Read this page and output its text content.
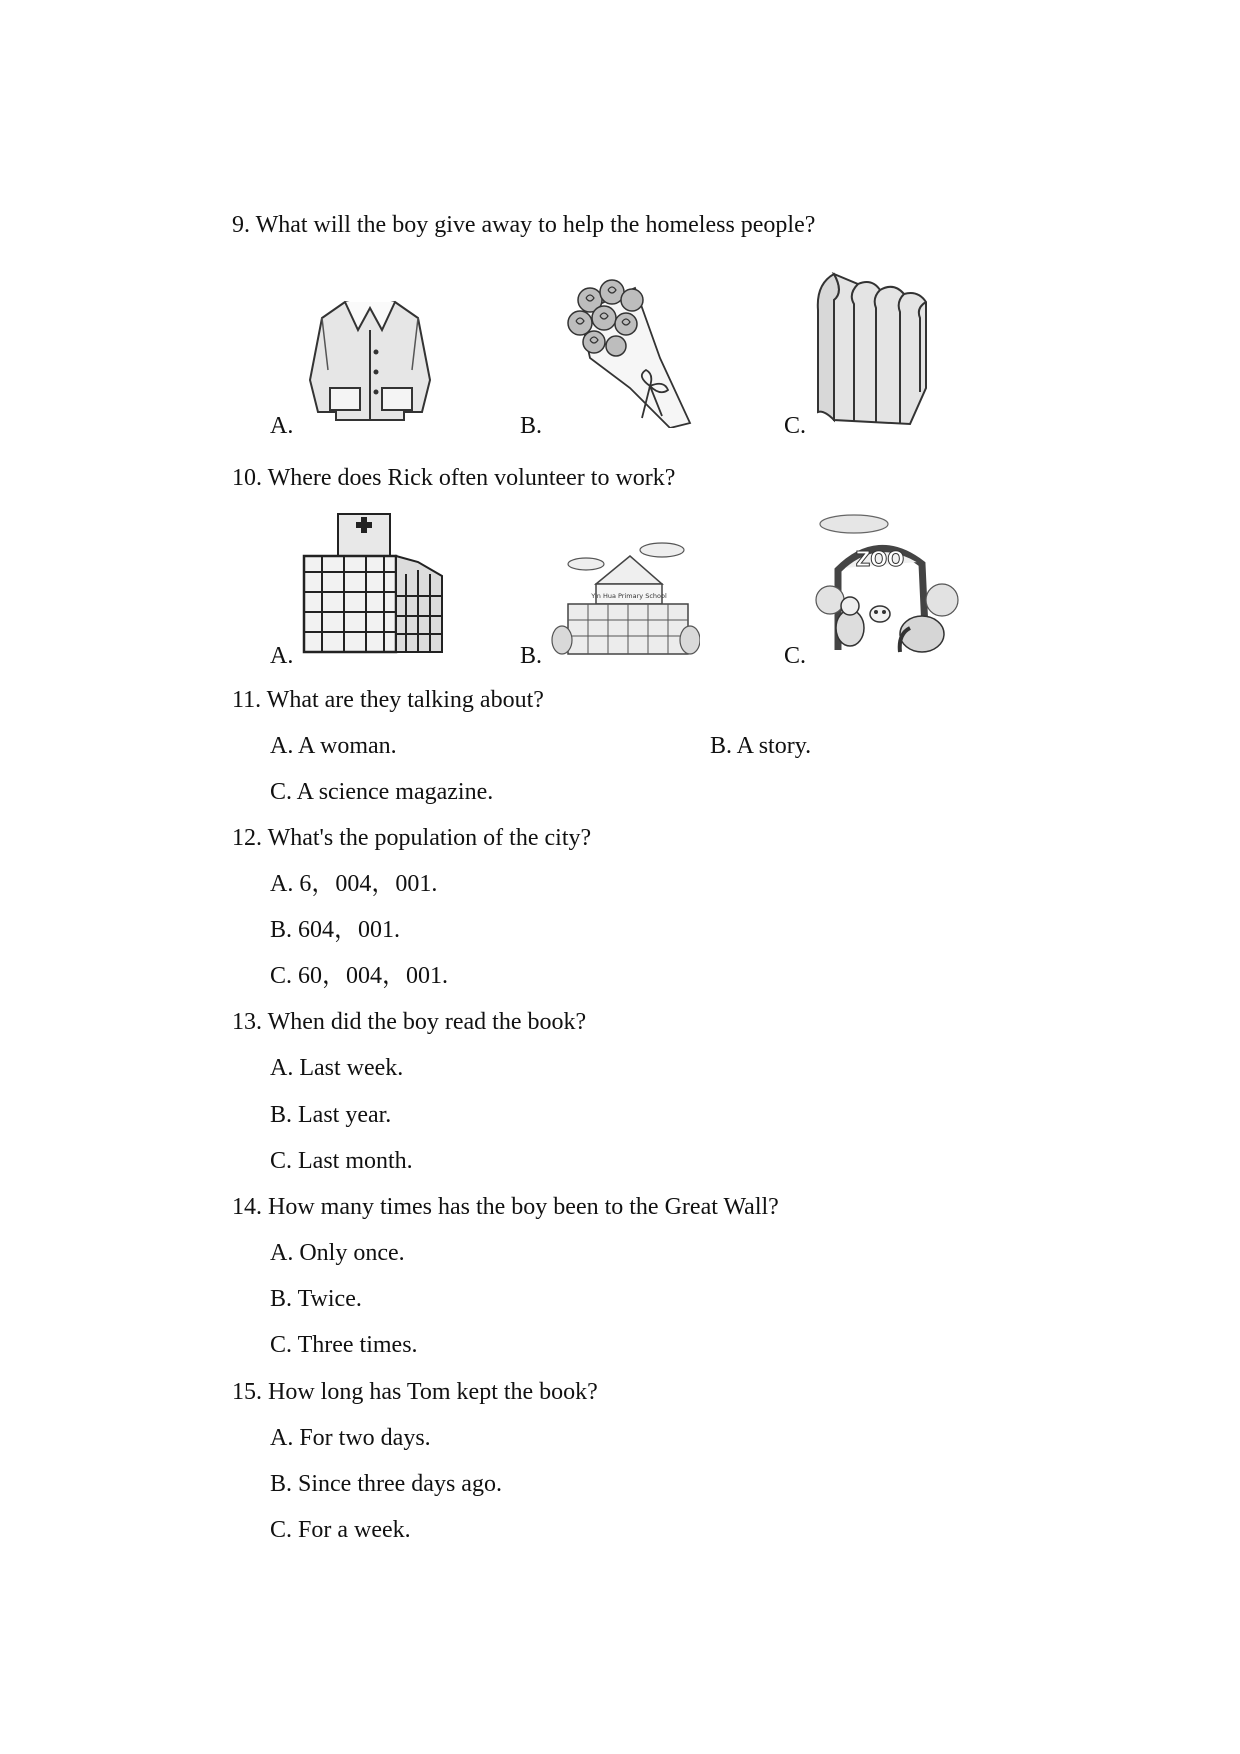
9. What will the boy give away to help the homeless people?
A.	B.	C.
10. Where does Rick often volunteer to work?
A.	B.
Yin Hua Primary School
C.
ZOO
11. What are they talking about?
A. A woman.	B. A story.
C. A science magazine.
12. What's the population of the city?
A. 6，004，001.
B. 604，001.
C. 60，004，001.
13. When did the boy read the book?
A. Last week.
B. Last year.
C. Last month.
14. How many times has the boy been to the Great Wall?
A. Only once.
B. Twice.
C. Three times.
15. How long has Tom kept the book?
A. For two days.
B. Since three days ago.
C. For a week.
